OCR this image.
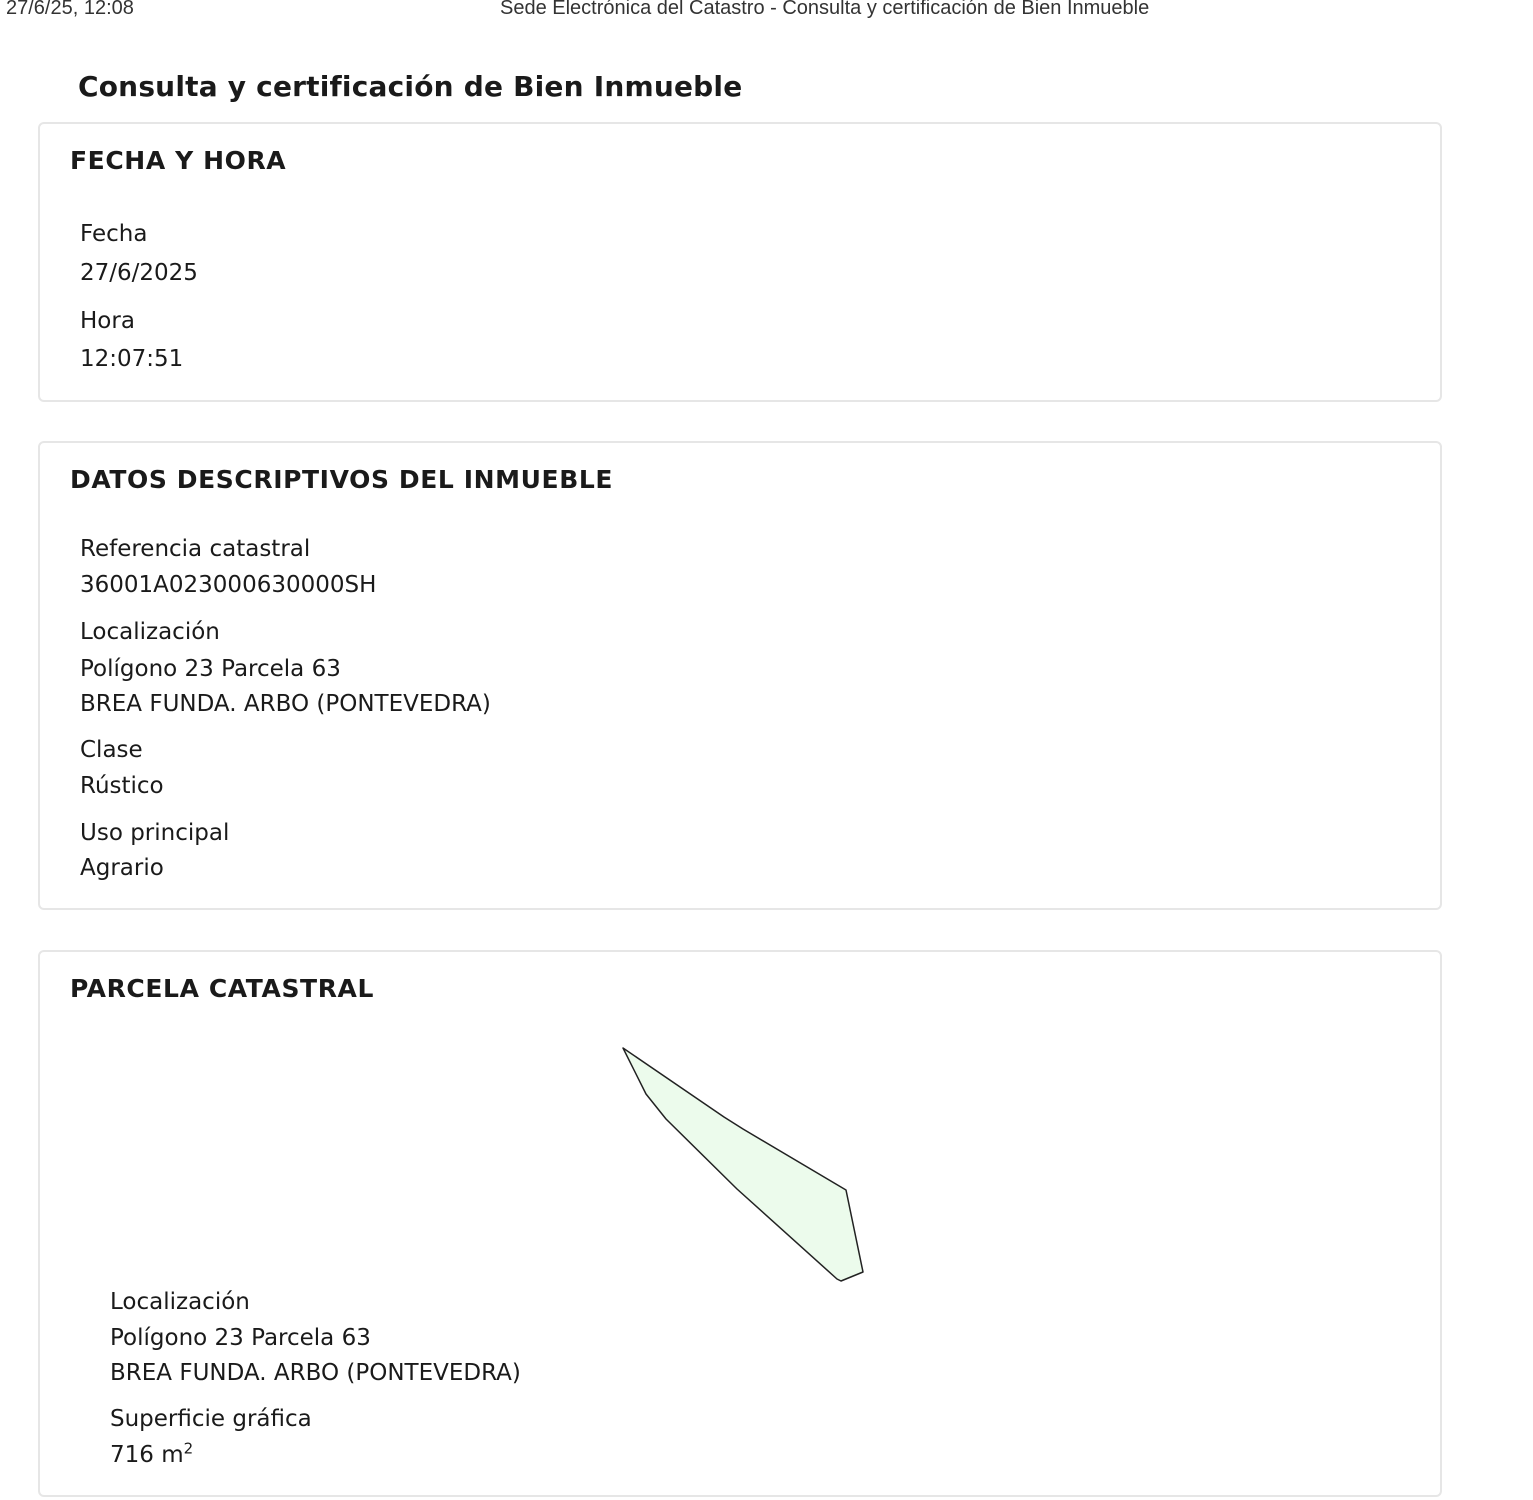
27/6/25, 12:08	Sede Electrónica del Catastro - Consulta y certificación de Bien Inmueble
Consulta y certificación de Bien Inmueble
FECHA Y HORA
Fecha
27/6/2025
Hora
12:07:51
DATOS DESCRIPTIVOS DEL INMUEBLE
Referencia catastral
36001A023000630000SH
Localización
Polígono 23 Parcela 63
BREA FUNDA. ARBO (PONTEVEDRA)
Clase
Rústico
Uso principal
Agrario
PARCELA CATASTRAL
Localización
Polígono 23 Parcela 63
BREA FUNDA. ARBO (PONTEVEDRA)
Superficie gráfica
716 $m^2$
